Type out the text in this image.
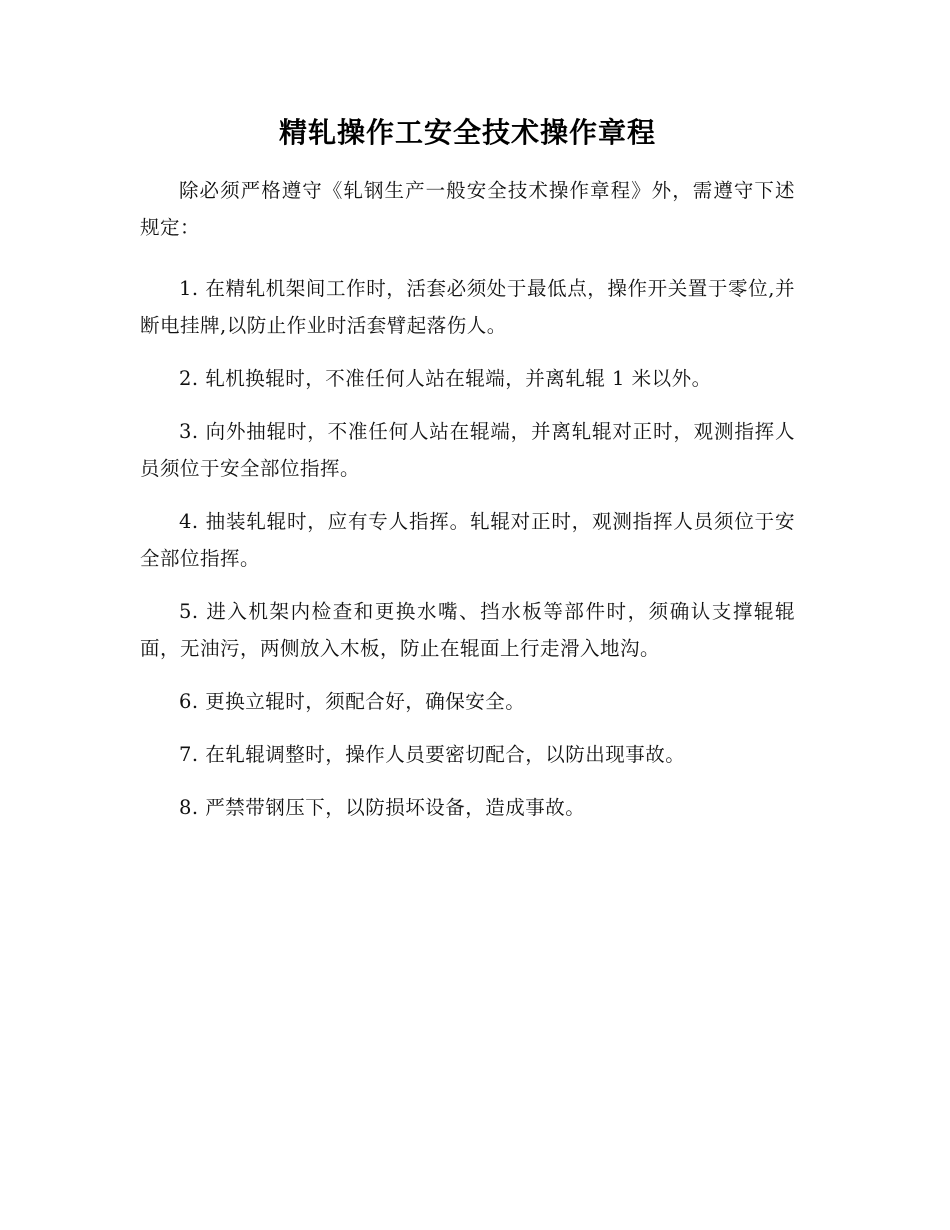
精轧操作工安全技术操作章程

除必须严格遵守《轧钢生产一般安全技术操作章程》外，需遵守下述规定：

1. 在精轧机架间工作时，活套必须处于最低点，操作开关置于零位,并断电挂牌,以防止作业时活套臂起落伤人。

2. 轧机换辊时，不准任何人站在辊端，并离轧辊 1 米以外。

3. 向外抽辊时，不准任何人站在辊端，并离轧辊对正时，观测指挥人员须位于安全部位指挥。

4. 抽装轧辊时，应有专人指挥。轧辊对正时，观测指挥人员须位于安全部位指挥。

5. 进入机架内检查和更换水嘴、挡水板等部件时，须确认支撑辊辊面，无油污，两侧放入木板，防止在辊面上行走滑入地沟。

6. 更换立辊时，须配合好，确保安全。

7. 在轧辊调整时，操作人员要密切配合，以防出现事故。

8. 严禁带钢压下，以防损坏设备，造成事故。
